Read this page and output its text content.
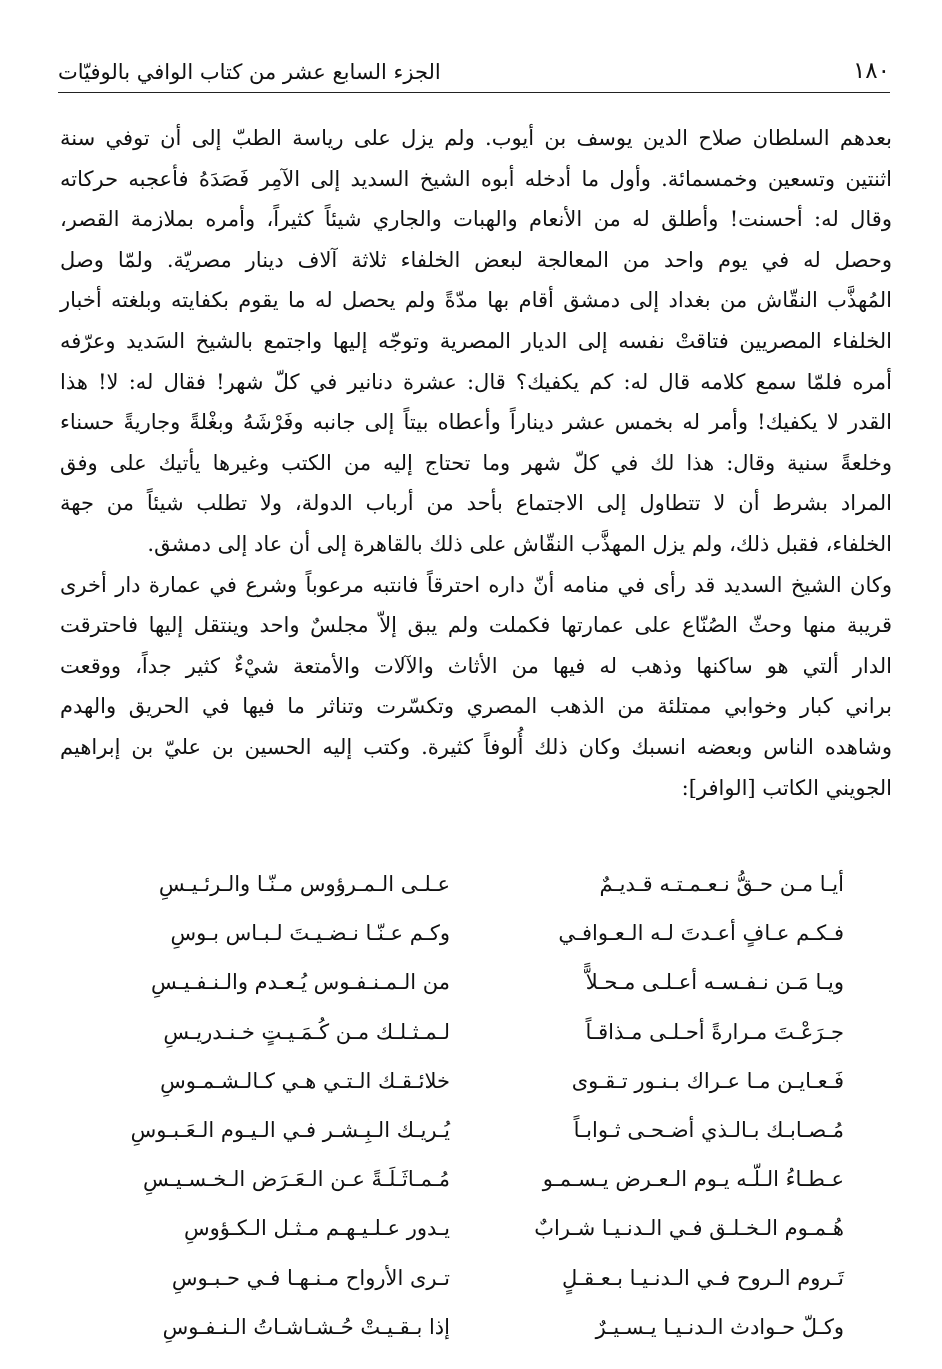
١٨٠
الجزء السابع عشر من كتاب الوافي بالوفيّات
بعدهم السلطان صلاح الدين يوسف بن أيوب. ولم يزل على رياسة الطبّ إلى أن توفي سنة
اثنتين وتسعين وخمسمائة. وأول ما أدخله أبوه الشيخ السديد إلى الآمِر فَصَدَهُ فأعجبه حركاته
وقال له: أحسنت! وأطلق له من الأنعام والهبات والجاري شيئاً كثيراً، وأمره بملازمة القصر،
وحصل له في يوم واحد من المعالجة لبعض الخلفاء ثلاثة آلاف دينار مصريّة. ولمّا وصل
المُهذَّب النقّاش من بغداد إلى دمشق أقام بها مدّةً ولم يحصل له ما يقوم بكفايته وبلغته أخبار
الخلفاء المصريين فتاقتْ نفسه إلى الديار المصرية وتوجّه إليها واجتمع بالشيخ السَديد وعرّفه
أمره فلمّا سمع كلامه قال له: كم يكفيك؟ قال: عشرة دنانير في كلّ شهر! فقال له: لا! هذا
القدر لا يكفيك! وأمر له بخمس عشر ديناراً وأعطاه بيتاً إلى جانبه وفَرْشَهُ وبغْلةً وجاريةً حسناء
وخلعةً سنية وقال: هذا لك في كلّ شهر وما تحتاج إليه من الكتب وغيرها يأتيك على وفق
المراد بشرط أن لا تتطاول إلى الاجتماع بأحد من أرباب الدولة، ولا تطلب شيئاً من جهة
الخلفاء، فقبل ذلك، ولم يزل المهذَّب النقّاش على ذلك بالقاهرة إلى أن عاد إلى دمشق.
وكان الشيخ السديد قد رأى في منامه أنّ داره احترقاً فانتبه مرعوباً وشرع في عمارة دار أخرى
قريبة منها وحثّ الصُنّاع على عمارتها فكملت ولم يبق إلاّ مجلسٌ واحد وينتقل إليها فاحترقت
الدار ألتي هو ساكنها وذهب له فيها من الأثاث والآلات والأمتعة شيْءٌ كثير جداً، ووقعت
براني كبار وخوابي ممتلئة من الذهب المصري وتكسّرت وتناثر ما فيها في الحريق والهدم
وشاهده الناس وبعضه انسبك وكان ذلك أُلوفاً كثيرة. وكتب إليه الحسين بن عليّ بن إبراهيم
الجويني الكاتب [الوافر]:
أيـا مـن حـقُّ نـعـمـتـه قـديـمٌ
عـلـى الـمـرؤوس مـنّـا والـرئـيـسِ
فـكـم عـافٍ أعـدتَ لـه الـعـوافـي
وكـم عـنّـا نـضـيـتَ لـبـاس بـوسِ
ويـا مَـن نـفـسـه أعـلـى مـحـلاًّ
من الـمـنـفـوس يُـعـدم والـنـفـيـسِ
جـرَعْـتَ مـرارةً أحـلـى مـذاقـاً
لـمـثـلـك مـن كُـمَـيـتٍ خـنـدريـسِ
فَـعـايـن مـا عـراك بـنـور تـقـوى
خلائـقـك الـتـي هـي كـالـشـمـوسِ
مُـصـابـك بـالـذي أضـحـى ثـوابـاً
يُـريـك الـبِـشـر فـي الـيـوم الـعَـبـوسِ
عـطـاءُ الـلّـه يـوم الـعـرض يـسـمـو
مُـمـاثَـلَـةً عـن الـعَـرَض الـخـسـيـسِ
هُـمـوم الـخـلـق فـي الـدنـيـا شـرابٌ
يـدور عـلـيـهـم مـثـل الـكـؤوسِ
تَـروم الـروح فـي الـدنـيـا بـعـقـلٍ
تـرى الأرواح مـنـهـا فـي حـبـوسِ
وكـلّ حـوادث الـدنـيـا يـسـيـرٌ
إذا بـقـيـتْ حُـشـاشـاتُ الـنـفـوسِ
